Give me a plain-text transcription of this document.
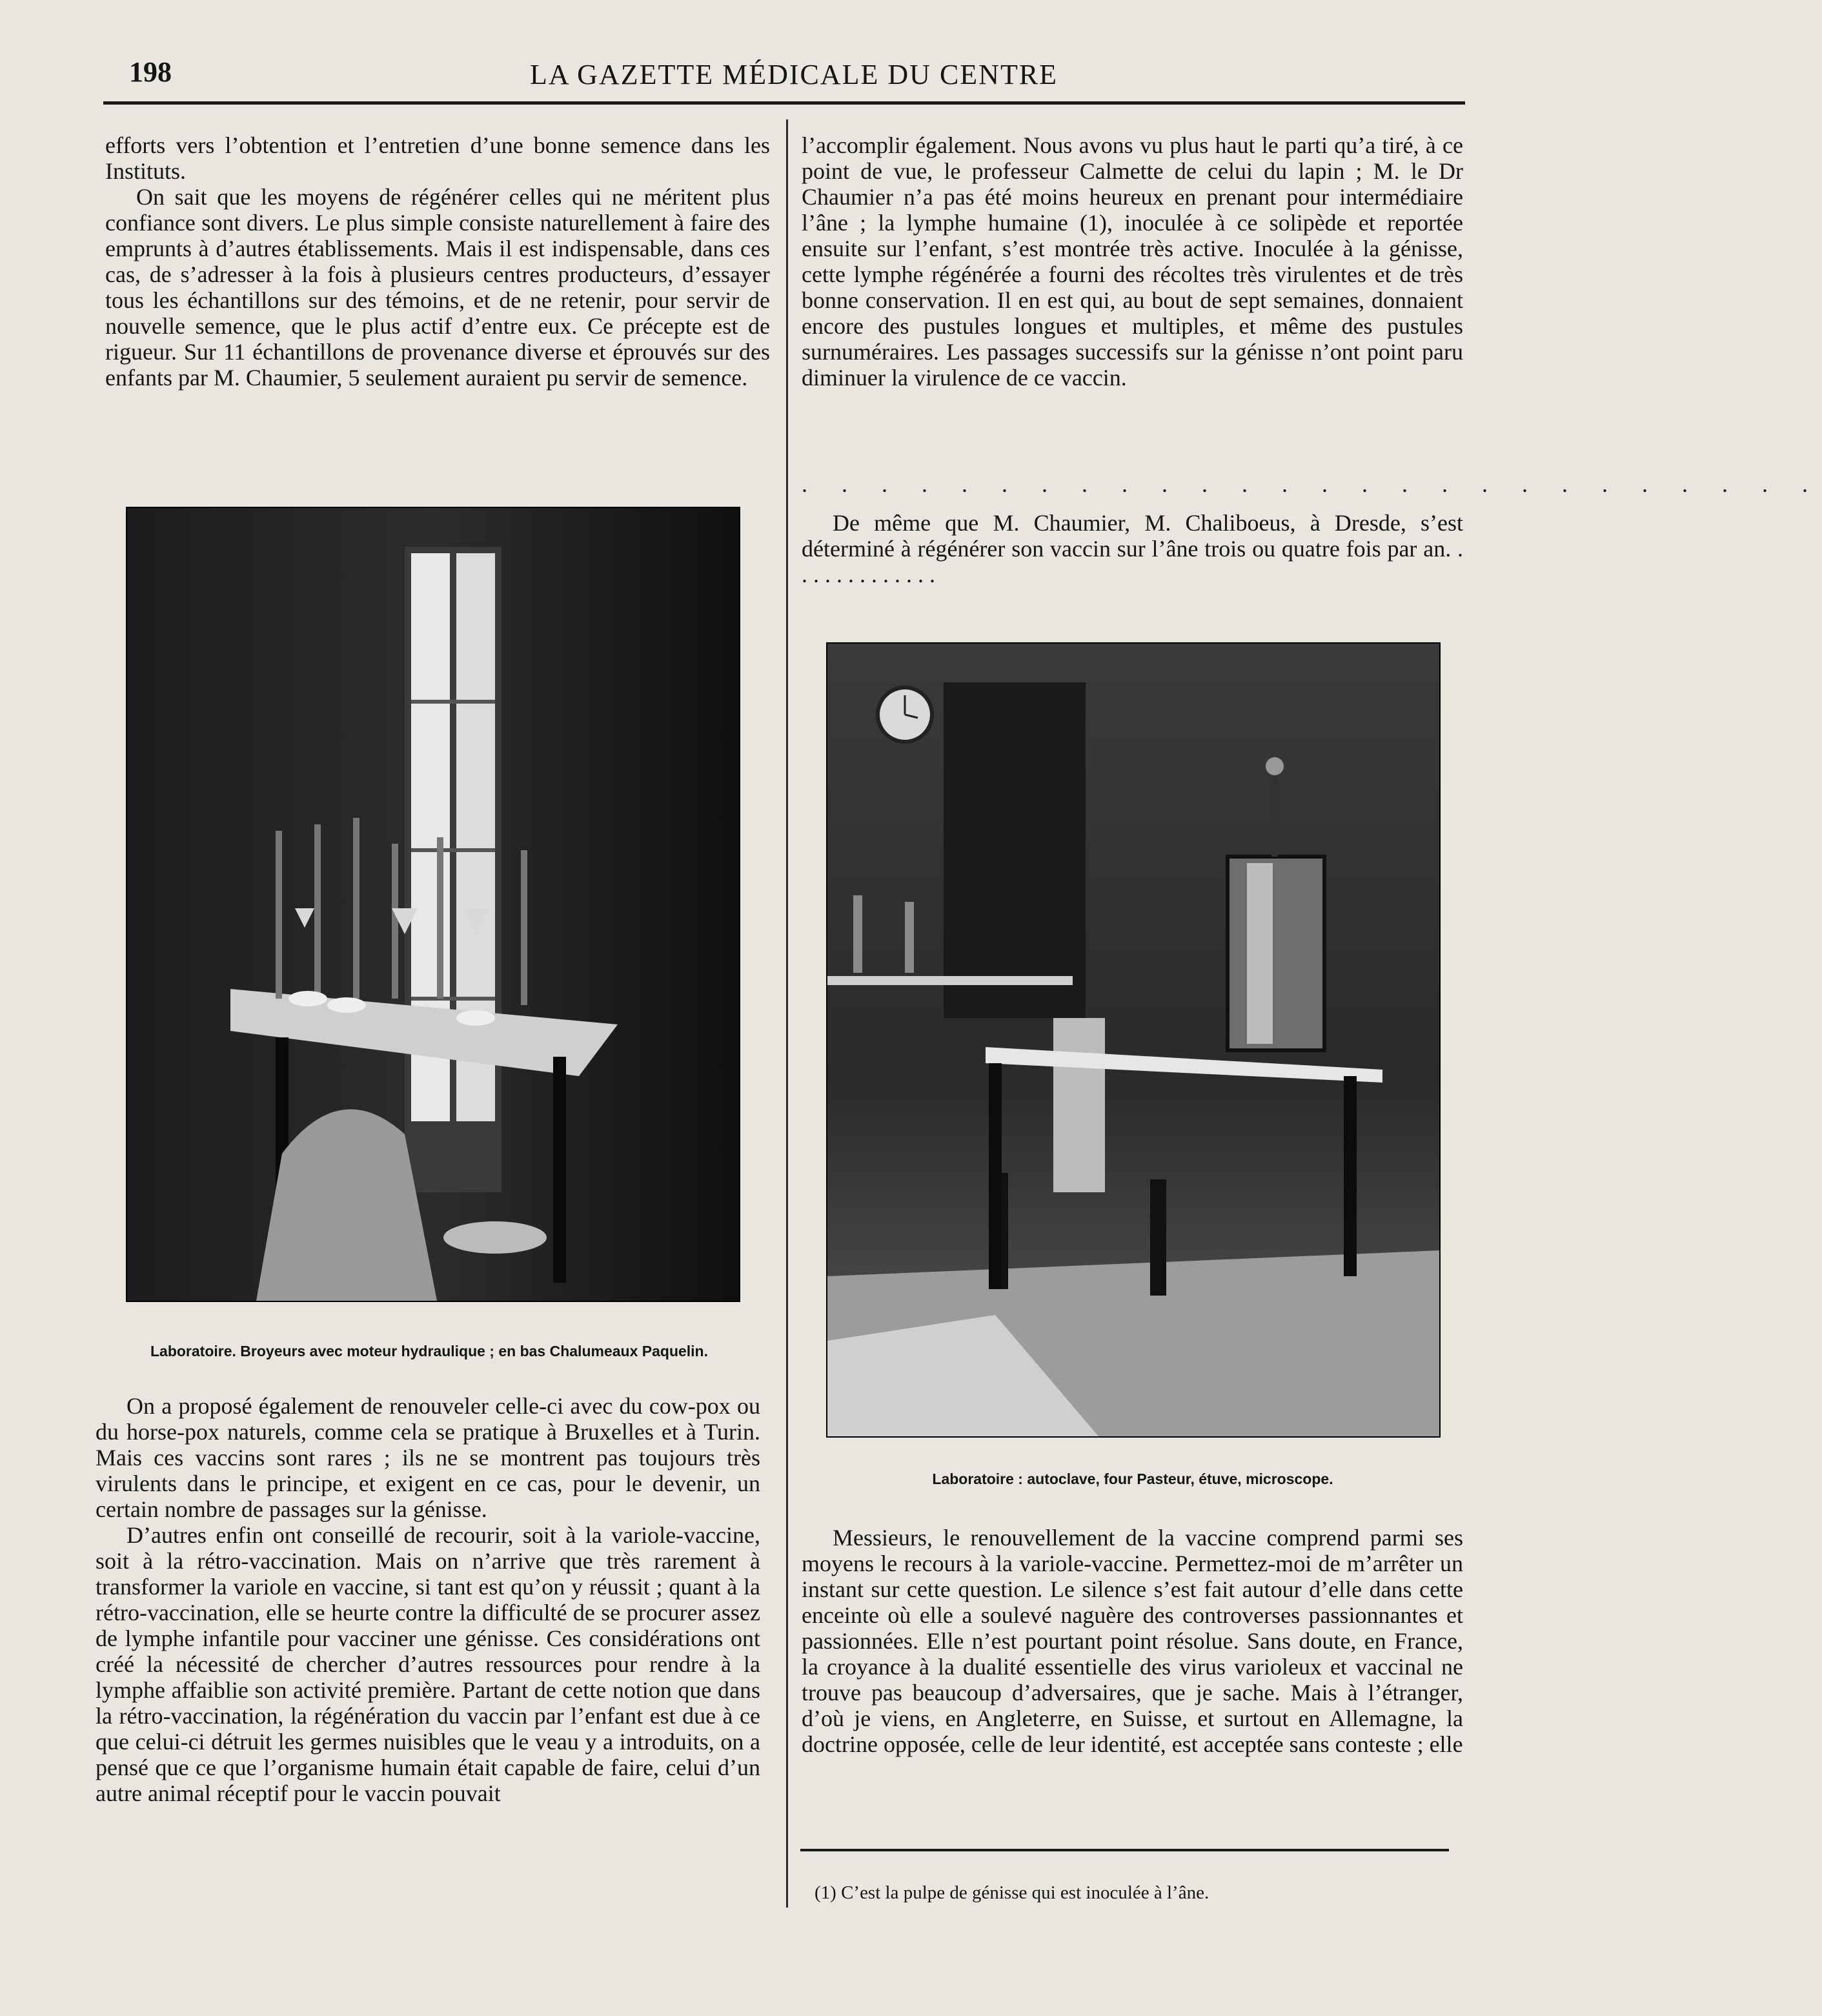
198	LA GAZETTE MÉDICALE DU CENTRE

efforts vers l’obtention et l’entretien d’une bonne semence dans les Instituts.

On sait que les moyens de régénérer celles qui ne méritent plus confiance sont divers. Le plus simple consiste naturellement à faire des emprunts à d’autres établissements. Mais il est indispensable, dans ces cas, de s’adresser à la fois à plusieurs centres producteurs, d’essayer tous les échantillons sur des témoins, et de ne retenir, pour servir de nouvelle semence, que le plus actif d’entre eux. Ce précepte est de rigueur. Sur 11 échantillons de provenance diverse et éprouvés sur des enfants par M. Chaumier, 5 seulement auraient pu servir de semence.

Laboratoire. Broyeurs avec moteur hydraulique ; en bas Chalumeaux Paquelin.

On a proposé également de renouveler celle-ci avec du cow-pox ou du horse-pox naturels, comme cela se pratique à Bruxelles et à Turin. Mais ces vaccins sont rares ; ils ne se montrent pas toujours très virulents dans le principe, et exigent en ce cas, pour le devenir, un certain nombre de passages sur la génisse.

D’autres enfin ont conseillé de recourir, soit à la variole-vaccine, soit à la rétro-vaccination. Mais on n’arrive que très rarement à transformer la variole en vaccine, si tant est qu’on y réussit ; quant à la rétro-vaccination, elle se heurte contre la difficulté de se procurer assez de lymphe infantile pour vacciner une génisse. Ces considérations ont créé la nécessité de chercher d’autres ressources pour rendre à la lymphe affaiblie son activité première. Partant de cette notion que dans la rétro-vaccination, la régénération du vaccin par l’enfant est due à ce que celui-ci détruit les germes nuisibles que le veau y a introduits, on a pensé que ce que l’organisme humain était capable de faire, celui d’un autre animal réceptif pour le vaccin pouvait

l’accomplir également. Nous avons vu plus haut le parti qu’a tiré, à ce point de vue, le professeur Calmette de celui du lapin ; M. le Dr Chaumier n’a pas été moins heureux en prenant pour intermédiaire l’âne ; la lymphe humaine (1), inoculée à ce solipède et reportée ensuite sur l’enfant, s’est montrée très active. Inoculée à la génisse, cette lymphe régénérée a fourni des récoltes très virulentes et de très bonne conservation. Il en est qui, au bout de sept semaines, donnaient encore des pustules longues et multiples, et même des pustules surnuméraires. Les passages successifs sur la génisse n’ont point paru diminuer la virulence de ce vaccin.

. . . . . . . . . . . . . . . . . . . . . . . . . .

De même que M. Chaumier, M. Chaliboeus, à Dresde, s’est déterminé à régénérer son vaccin sur l’âne trois ou quatre fois par an. . . . . . . . . . . . . .

Laboratoire : autoclave, four Pasteur, étuve, microscope.

Messieurs, le renouvellement de la vaccine comprend parmi ses moyens le recours à la variole-vaccine. Permettez-moi de m’arrêter un instant sur cette question. Le silence s’est fait autour d’elle dans cette enceinte où elle a soulevé naguère des controverses passionnantes et passionnées. Elle n’est pourtant point résolue. Sans doute, en France, la croyance à la dualité essentielle des virus varioleux et vaccinal ne trouve pas beaucoup d’adversaires, que je sache. Mais à l’étranger, d’où je viens, en Angleterre, en Suisse, et surtout en Allemagne, la doctrine opposée, celle de leur identité, est acceptée sans conteste ; elle

(1) C’est la pulpe de génisse qui est inoculée à l’âne.
